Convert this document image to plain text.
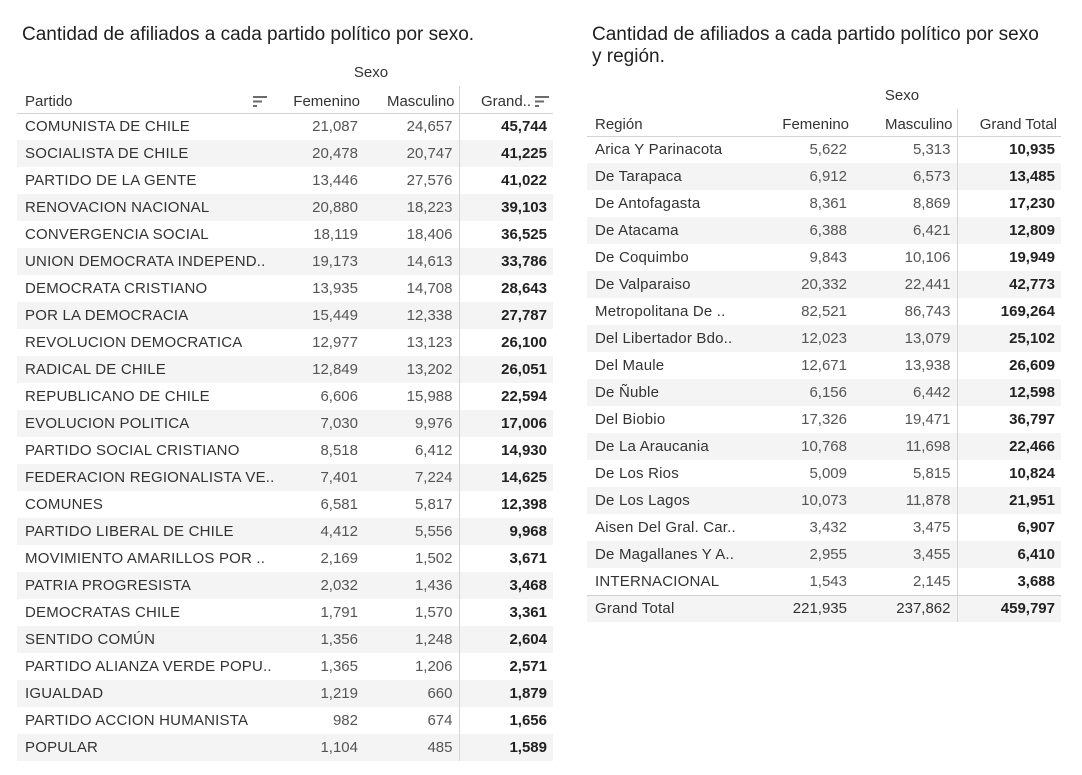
Cantidad de afiliados a cada partido político por sexo.
Sexo
Partido	Femenino	Masculino	Grand..

COMUNISTA DE CHILE	21,087	24,657	45,744
SOCIALISTA DE CHILE	20,478	20,747	41,225
PARTIDO DE LA GENTE	13,446	27,576	41,022
RENOVACION NACIONAL	20,880	18,223	39,103
CONVERGENCIA SOCIAL	18,119	18,406	36,525
UNION DEMOCRATA INDEPEND..	19,173	14,613	33,786
DEMOCRATA CRISTIANO	13,935	14,708	28,643
POR LA DEMOCRACIA	15,449	12,338	27,787
REVOLUCION DEMOCRATICA	12,977	13,123	26,100
RADICAL DE CHILE	12,849	13,202	26,051
REPUBLICANO DE CHILE	6,606	15,988	22,594
EVOLUCION POLITICA	7,030	9,976	17,006
PARTIDO SOCIAL CRISTIANO	8,518	6,412	14,930
FEDERACION REGIONALISTA VE..	7,401	7,224	14,625
COMUNES	6,581	5,817	12,398
PARTIDO LIBERAL DE CHILE	4,412	5,556	9,968
MOVIMIENTO AMARILLOS POR ..	2,169	1,502	3,671
PATRIA PROGRESISTA	2,032	1,436	3,468
DEMOCRATAS CHILE	1,791	1,570	3,361
SENTIDO COMÚN	1,356	1,248	2,604
PARTIDO ALIANZA VERDE POPU..	1,365	1,206	2,571
IGUALDAD	1,219	660	1,879
PARTIDO ACCION HUMANISTA	982	674	1,656
POPULAR	1,104	485	1,589
Cantidad de afiliados a cada partido político por sexo y región.
Sexo
Región	Femenino	Masculino	Grand Total
Arica Y Parinacota	5,622	5,313	10,935
De Tarapaca	6,912	6,573	13,485
De Antofagasta	8,361	8,869	17,230
De Atacama	6,388	6,421	12,809
De Coquimbo	9,843	10,106	19,949
De Valparaiso	20,332	22,441	42,773
Metropolitana De ..	82,521	86,743	169,264
Del Libertador Bdo..	12,023	13,079	25,102
Del Maule	12,671	13,938	26,609
De Ñuble	6,156	6,442	12,598
Del Biobio	17,326	19,471	36,797
De La Araucania	10,768	11,698	22,466
De Los Rios	5,009	5,815	10,824
De Los Lagos	10,073	11,878	21,951
Aisen Del Gral. Car..	3,432	3,475	6,907
De Magallanes Y A..	2,955	3,455	6,410
INTERNACIONAL	1,543	2,145	3,688
Grand Total	221,935	237,862	459,797
